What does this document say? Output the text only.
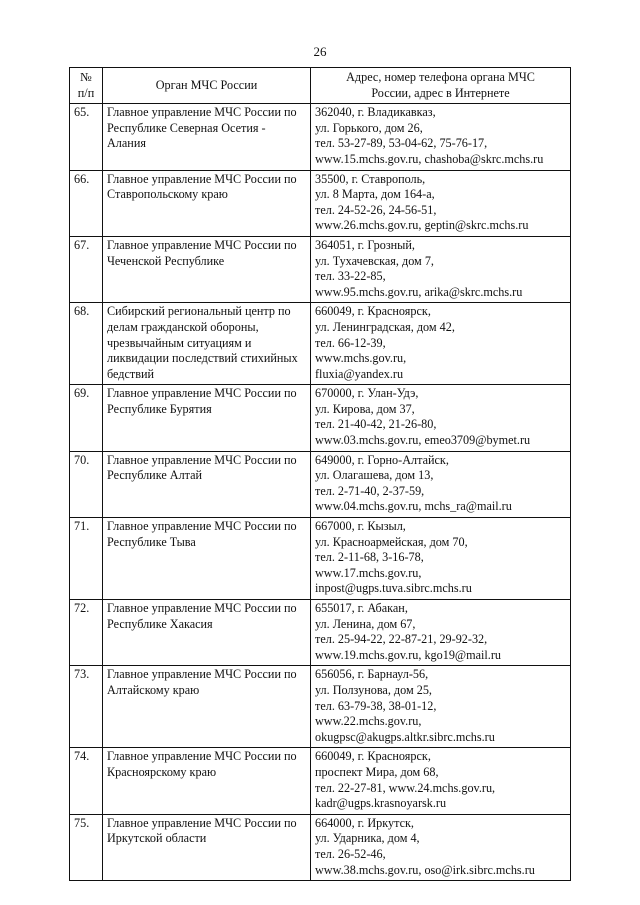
26
№
п/п	Орган МЧС России	Адрес, номер телефона органа МЧС
России, адрес в Интернете

65.	Главное управление МЧС России по
Республике Северная Осетия -
Алания	362040, г. Владикавказ,
ул. Горького, дом 26,
тел. 53-27-89, 53-04-62, 75-76-17,
www.15.mchs.gov.ru, chashoba@skrc.mchs.ru

66.	Главное управление МЧС России по
Ставропольскому краю	35500, г. Ставрополь,
ул. 8 Марта, дом 164-а,
тел. 24-52-26, 24-56-51,
www.26.mchs.gov.ru, geptin@skrc.mchs.ru

67.	Главное управление МЧС России по
Чеченской Республике	364051, г. Грозный,
ул. Тухачевская, дом 7,
тел. 33-22-85,
www.95.mchs.gov.ru, arika@skrc.mchs.ru

68.	Сибирский региональный центр по
делам гражданской обороны,
чрезвычайным ситуациям и
ликвидации последствий стихийных
бедствий	660049, г. Красноярск,
ул. Ленинградская, дом 42,
тел. 66-12-39,
www.mchs.gov.ru,
fluxia@yandex.ru

69.	Главное управление МЧС России по
Республике Бурятия	670000, г. Улан-Удэ,
ул. Кирова, дом 37,
тел. 21-40-42, 21-26-80,
www.03.mchs.gov.ru, emeo3709@bymet.ru

70.	Главное управление МЧС России по
Республике Алтай	649000, г. Горно-Алтайск,
ул. Олагашева, дом 13,
тел. 2-71-40, 2-37-59,
www.04.mchs.gov.ru, mchs_ra@mail.ru

71.	Главное управление МЧС России по
Республике Тыва	667000, г. Кызыл,
ул. Красноармейская, дом 70,
тел. 2-11-68, 3-16-78,
www.17.mchs.gov.ru,
inpost@ugps.tuva.sibrc.mchs.ru

72.	Главное управление МЧС России по
Республике Хакасия	655017, г. Абакан,
ул. Ленина, дом 67,
тел. 25-94-22, 22-87-21, 29-92-32,
www.19.mchs.gov.ru, kgo19@mail.ru

73.	Главное управление МЧС России по
Алтайскому краю	656056, г. Барнаул-56,
ул. Ползунова, дом 25,
тел. 63-79-38, 38-01-12,
www.22.mchs.gov.ru,
okugpsc@akugps.altkr.sibrc.mchs.ru

74.	Главное управление МЧС России по
Красноярскому краю	660049, г. Красноярск,
проспект Мира, дом 68,
тел. 22-27-81, www.24.mchs.gov.ru,
kadr@ugps.krasnoyarsk.ru

75.	Главное управление МЧС России по
Иркутской области	664000, г. Иркутск,
ул. Ударника, дом 4,
тел. 26-52-46,
www.38.mchs.gov.ru, oso@irk.sibrc.mchs.ru
